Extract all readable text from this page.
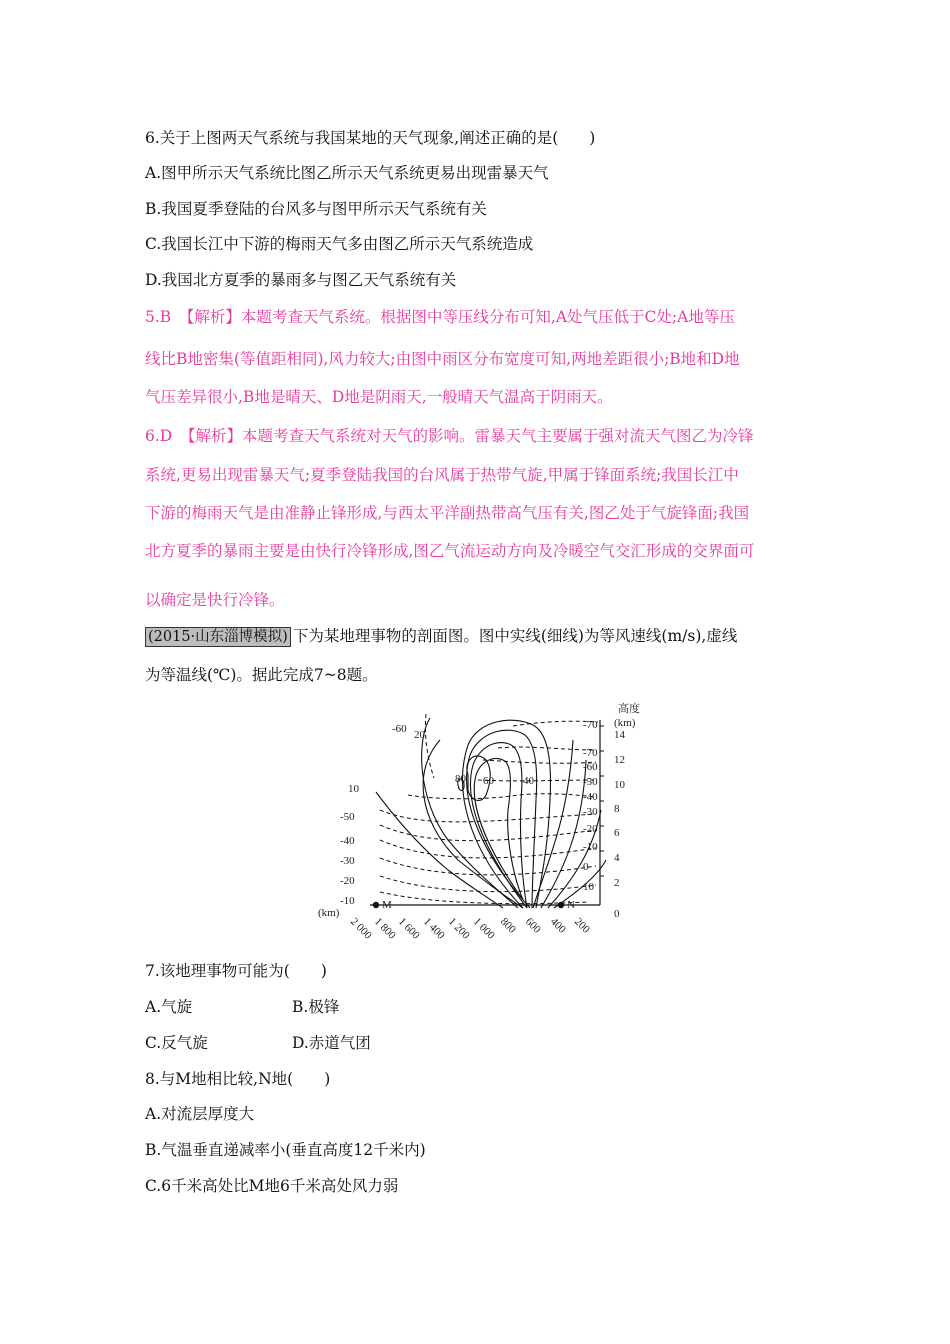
6.关于上图两天气系统与我国某地的天气现象,阐述正确的是(　　)
A.图甲所示天气系统比图乙所示天气系统更易出现雷暴天气
B.我国夏季登陆的台风多与图甲所示天气系统有关
C.我国长江中下游的梅雨天气多由图乙所示天气系统造成
D.我国北方夏季的暴雨多与图乙天气系统有关
5.B　【解析】本题考查天气系统。根据图中等压线分布可知,A处气压低于C处;A地等压
线比B地密集(等值距相同),风力较大;由图中雨区分布宽度可知,两地差距很小;B地和D地
气压差异很小,B地是晴天、D地是阴雨天,一般晴天气温高于阴雨天。
6.D　【解析】本题考查天气系统对天气的影响。雷暴天气主要属于强对流天气图乙为冷锋
系统,更易出现雷暴天气;夏季登陆我国的台风属于热带气旋,甲属于锋面系统;我国长江中
下游的梅雨天气是由准静止锋形成,与西太平洋副热带高气压有关,图乙处于气旋锋面;我国
北方夏季的暴雨主要是由快行冷锋形成,图乙气流运动方向及冷暖空气交汇形成的交界面可
以确定是快行冷锋。
(2015·山东淄博模拟) 下为某地理事物的剖面图。图中实线(细线)为等风速线(m/s),虚线
为等温线(℃)。据此完成7~8题。
高度
(km)
14
12
10
8
6
4
2
0
-70
-70
-60
-50
-40
-30
-20
-10
0
10
10
-50
-40
-30
-20
-10
-60 20
80 60	40
M	N
(km)
2 000
1 800
1 600 1 400 1 200 1 000 800 600 400 200
7.该地理事物可能为(　　)
A.气旋	B.极锋
C.反气旋	D.赤道气团
8.与M地相比较,N地(　　)
A.对流层厚度大
B.气温垂直递减率小(垂直高度12千米内)
C.6千米高处比M地6千米高处风力弱
